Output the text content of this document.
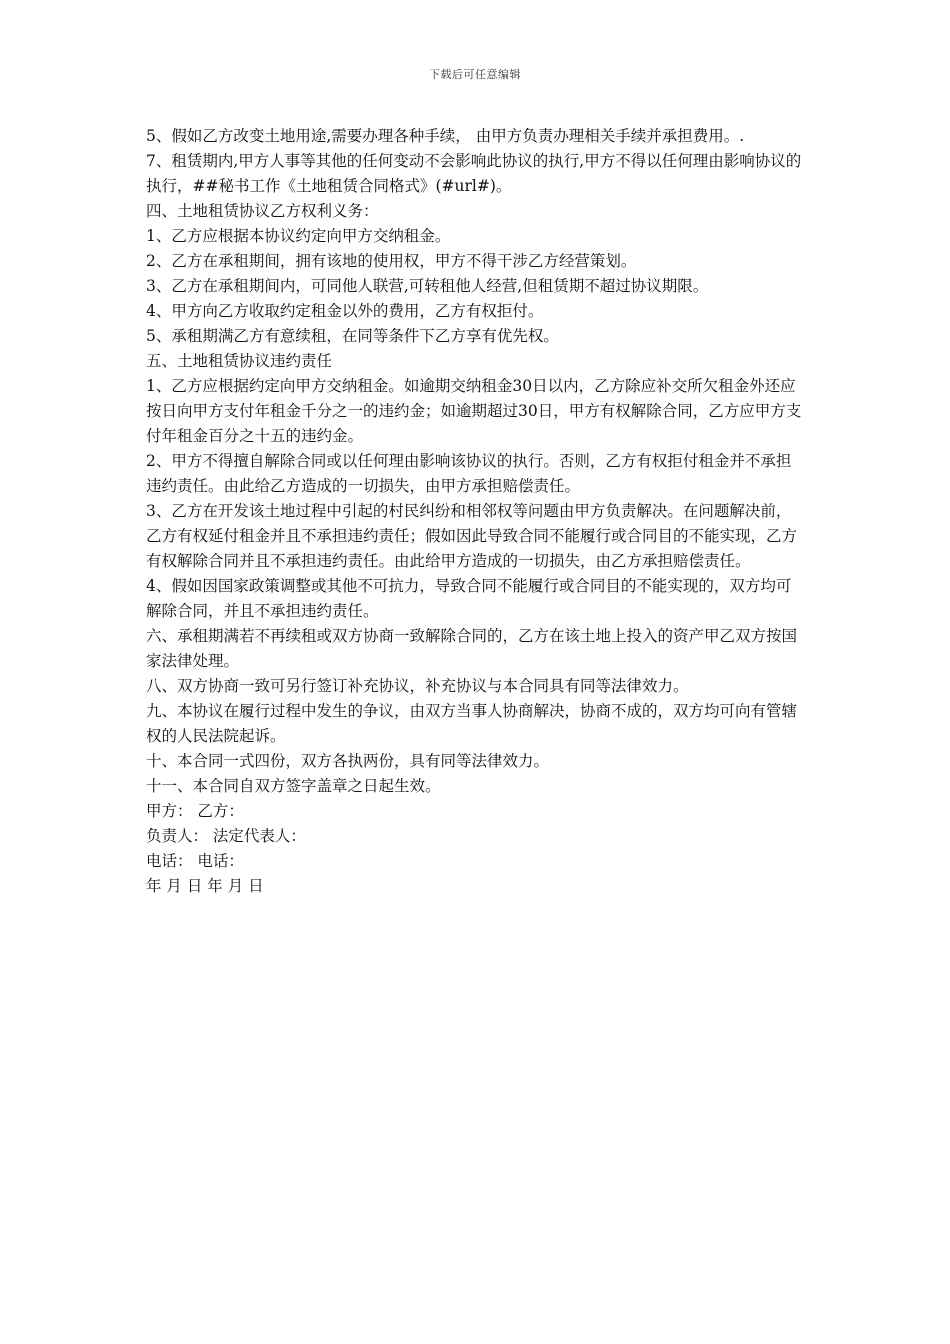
下载后可任意编辑

5、假如乙方改变土地用途,需要办理各种手续， 由甲方负责办理相关手续并承担费用。.

7、租赁期内,甲方人事等其他的任何变动不会影响此协议的执行,甲方不得以任何理由影响协议的执行，##秘书工作《土地租赁合同格式》(#url#)。

四、土地租赁协议乙方权利义务：

1、乙方应根据本协议约定向甲方交纳租金。

2、乙方在承租期间，拥有该地的使用权，甲方不得干涉乙方经营策划。

3、乙方在承租期间内，可同他人联营,可转租他人经营,但租赁期不超过协议期限。

4、甲方向乙方收取约定租金以外的费用，乙方有权拒付。

5、承租期满乙方有意续租，在同等条件下乙方享有优先权。

五、土地租赁协议违约责任

1、乙方应根据约定向甲方交纳租金。如逾期交纳租金30日以内，乙方除应补交所欠租金外还应按日向甲方支付年租金千分之一的违约金；如逾期超过30日，甲方有权解除合同，乙方应甲方支付年租金百分之十五的违约金。

2、甲方不得擅自解除合同或以任何理由影响该协议的执行。否则，乙方有权拒付租金并不承担违约责任。由此给乙方造成的一切损失，由甲方承担赔偿责任。

3、乙方在开发该土地过程中引起的村民纠纷和相邻权等问题由甲方负责解决。在问题解决前，乙方有权延付租金并且不承担违约责任；假如因此导致合同不能履行或合同目的不能实现，乙方有权解除合同并且不承担违约责任。由此给甲方造成的一切损失，由乙方承担赔偿责任。

4、假如因国家政策调整或其他不可抗力，导致合同不能履行或合同目的不能实现的，双方均可解除合同，并且不承担违约责任。

六、承租期满若不再续租或双方协商一致解除合同的，乙方在该土地上投入的资产甲乙双方按国家法律处理。

八、双方协商一致可另行签订补充协议，补充协议与本合同具有同等法律效力。

九、本协议在履行过程中发生的争议，由双方当事人协商解决，协商不成的，双方均可向有管辖权的人民法院起诉。

十、本合同一式四份，双方各执两份，具有同等法律效力。

十一、本合同自双方签字盖章之日起生效。

甲方： 乙方：

负责人： 法定代表人：

电话： 电话：

年 月 日 年 月 日
